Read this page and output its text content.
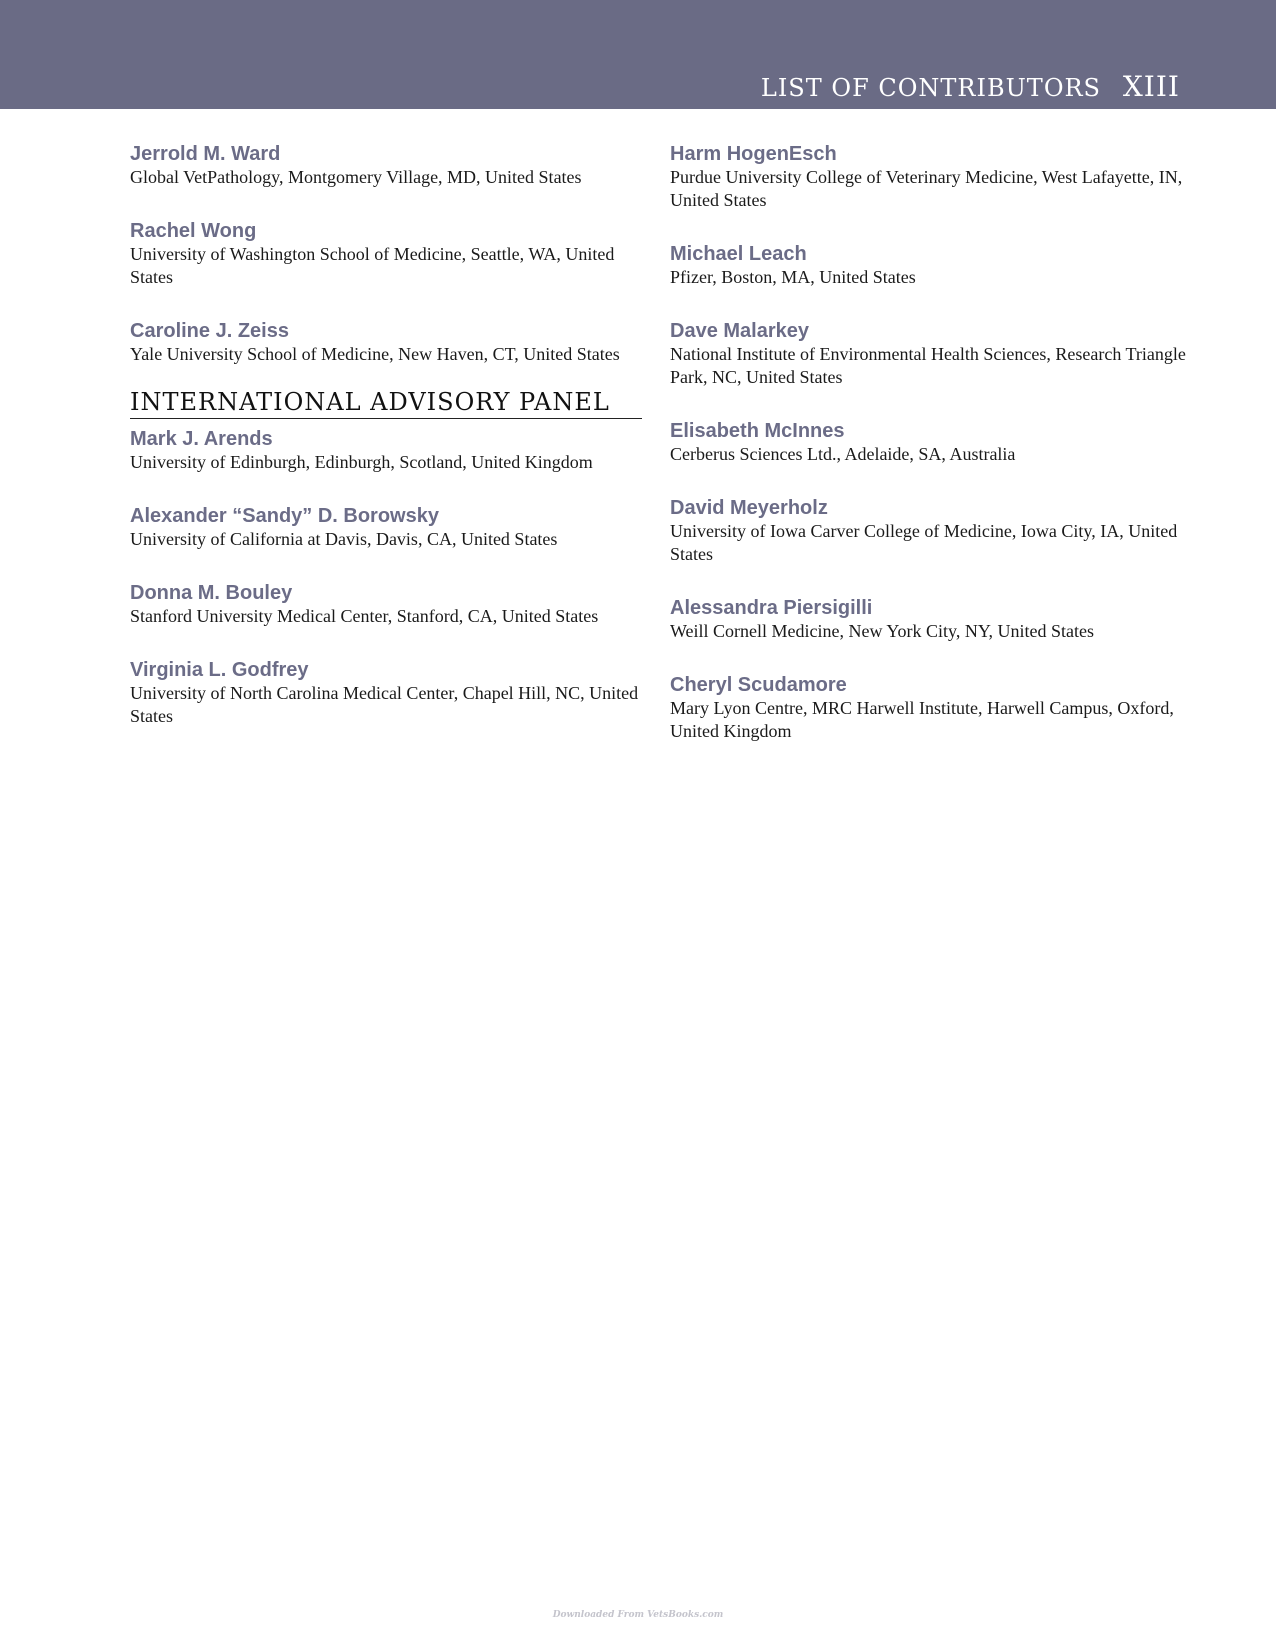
LIST OF CONTRIBUTORS XIII
Jerrold M. Ward
Global VetPathology, Montgomery Village, MD, United States
Rachel Wong
University of Washington School of Medicine, Seattle, WA, United States
Caroline J. Zeiss
Yale University School of Medicine, New Haven, CT, United States
INTERNATIONAL ADVISORY PANEL
Mark J. Arends
University of Edinburgh, Edinburgh, Scotland, United Kingdom
Alexander “Sandy” D. Borowsky
University of California at Davis, Davis, CA, United States
Donna M. Bouley
Stanford University Medical Center, Stanford, CA, United States
Virginia L. Godfrey
University of North Carolina Medical Center, Chapel Hill, NC, United States
Harm HogenEsch
Purdue University College of Veterinary Medicine, West Lafayette, IN, United States
Michael Leach
Pfizer, Boston, MA, United States
Dave Malarkey
National Institute of Environmental Health Sciences, Research Triangle Park, NC, United States
Elisabeth McInnes
Cerberus Sciences Ltd., Adelaide, SA, Australia
David Meyerholz
University of Iowa Carver College of Medicine, Iowa City, IA, United States
Alessandra Piersigilli
Weill Cornell Medicine, New York City, NY, United States
Cheryl Scudamore
Mary Lyon Centre, MRC Harwell Institute, Harwell Campus, Oxford, United Kingdom
Downloaded From VetsBooks.com
